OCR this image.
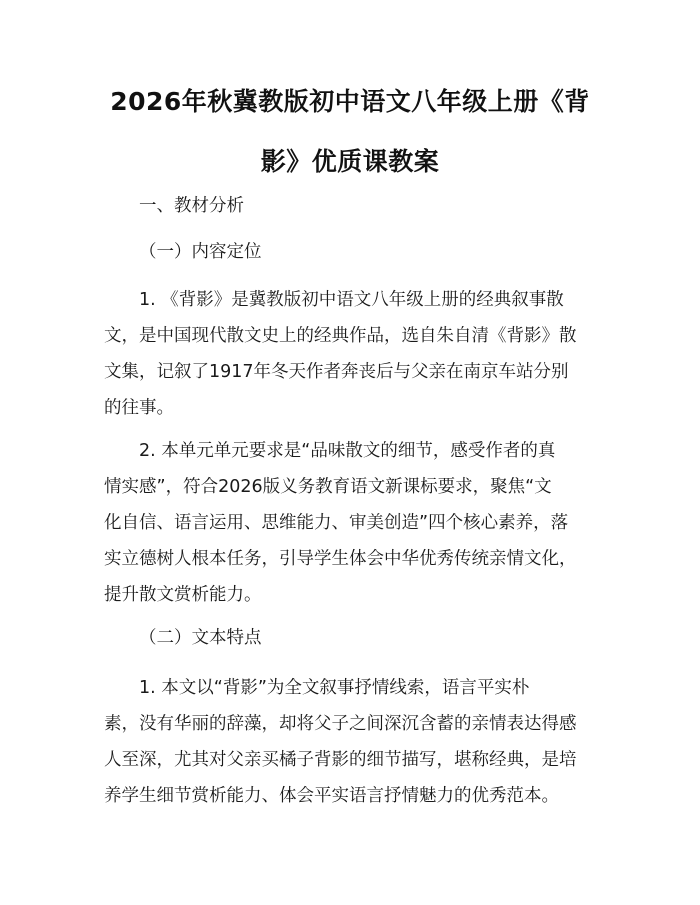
2026年秋冀教版初中语文八年级上册《背
影》优质课教案
一、教材分析
（一）内容定位
1. 《背影》是冀教版初中语文八年级上册的经典叙事散
文，是中国现代散文史上的经典作品，选自朱自清《背影》散
文集，记叙了1917年冬天作者奔丧后与父亲在南京车站分别
的往事。
2. 本单元单元要求是“品味散文的细节，感受作者的真
情实感”，符合2026版义务教育语文新课标要求，聚焦“文
化自信、语言运用、思维能力、审美创造”四个核心素养，落
实立德树人根本任务，引导学生体会中华优秀传统亲情文化，
提升散文赏析能力。
（二）文本特点
1. 本文以“背影”为全文叙事抒情线索，语言平实朴
素，没有华丽的辞藻，却将父子之间深沉含蓄的亲情表达得感
人至深，尤其对父亲买橘子背影的细节描写，堪称经典，是培
养学生细节赏析能力、体会平实语言抒情魅力的优秀范本。
